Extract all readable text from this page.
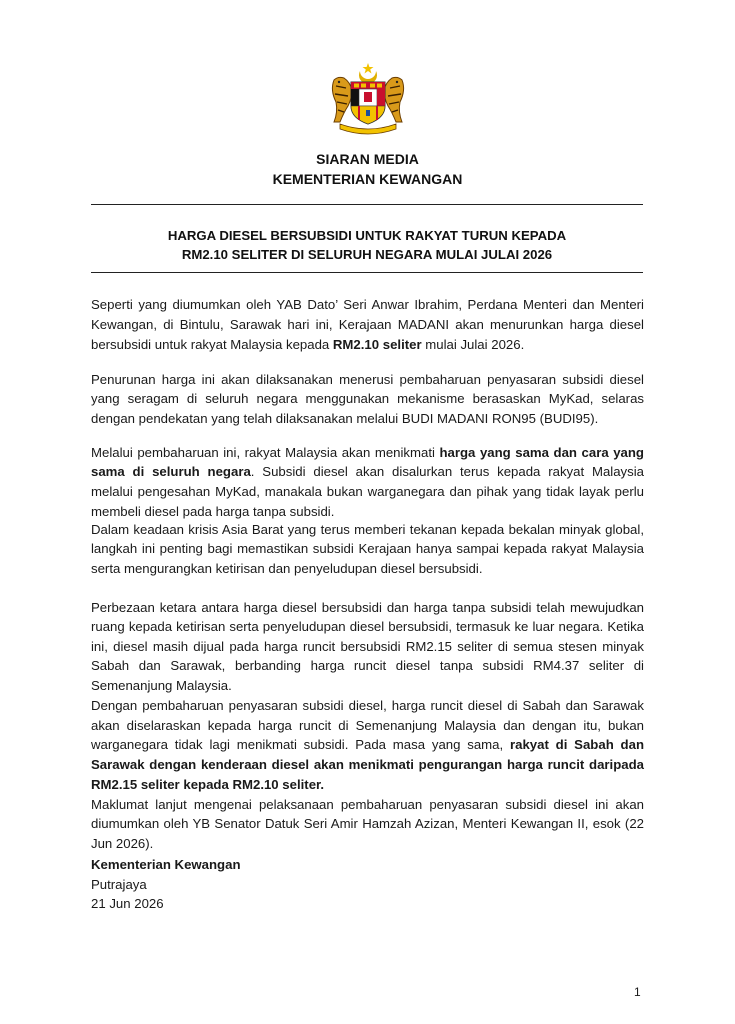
SIARAN MEDIA
KEMENTERIAN KEWANGAN
HARGA DIESEL BERSUBSIDI UNTUK RAKYAT TURUN KEPADA
RM2.10 SELITER DI SELURUH NEGARA MULAI JULAI 2026
Seperti yang diumumkan oleh YAB Dato’ Seri Anwar Ibrahim, Perdana Menteri dan Menteri
Kewangan, di Bintulu, Sarawak hari ini, Kerajaan MADANI akan menurunkan harga diesel
bersubsidi untuk rakyat Malaysia kepada RM2.10 seliter mulai Julai 2026.
Penurunan harga ini akan dilaksanakan menerusi pembaharuan penyasaran subsidi diesel
yang seragam di seluruh negara menggunakan mekanisme berasaskan MyKad, selaras
dengan pendekatan yang telah dilaksanakan melalui BUDI MADANI RON95 (BUDI95).
Melalui pembaharuan ini, rakyat Malaysia akan menikmati harga yang sama dan cara yang
sama di seluruh negara. Subsidi diesel akan disalurkan terus kepada rakyat Malaysia
melalui pengesahan MyKad, manakala bukan warganegara dan pihak yang tidak layak perlu
membeli diesel pada harga tanpa subsidi.
Dalam keadaan krisis Asia Barat yang terus memberi tekanan kepada bekalan minyak global,
langkah ini penting bagi memastikan subsidi Kerajaan hanya sampai kepada rakyat Malaysia
serta mengurangkan ketirisan dan penyeludupan diesel bersubsidi.
Perbezaan ketara antara harga diesel bersubsidi dan harga tanpa subsidi telah mewujudkan
ruang kepada ketirisan serta penyeludupan diesel bersubsidi, termasuk ke luar negara. Ketika
ini, diesel masih dijual pada harga runcit bersubsidi RM2.15 seliter di semua stesen minyak
Sabah dan Sarawak, berbanding harga runcit diesel tanpa subsidi RM4.37 seliter di
Semenanjung Malaysia.
Dengan pembaharuan penyasaran subsidi diesel, harga runcit diesel di Sabah dan Sarawak
akan diselaraskan kepada harga runcit di Semenanjung Malaysia dan dengan itu, bukan
warganegara tidak lagi menikmati subsidi. Pada masa yang sama, rakyat di Sabah dan
Sarawak dengan kenderaan diesel akan menikmati pengurangan harga runcit daripada
RM2.15 seliter kepada RM2.10 seliter.
Maklumat lanjut mengenai pelaksanaan pembaharuan penyasaran subsidi diesel ini akan
diumumkan oleh YB Senator Datuk Seri Amir Hamzah Azizan, Menteri Kewangan II, esok (22
Jun 2026).
Kementerian Kewangan
Putrajaya
21 Jun 2026
1
